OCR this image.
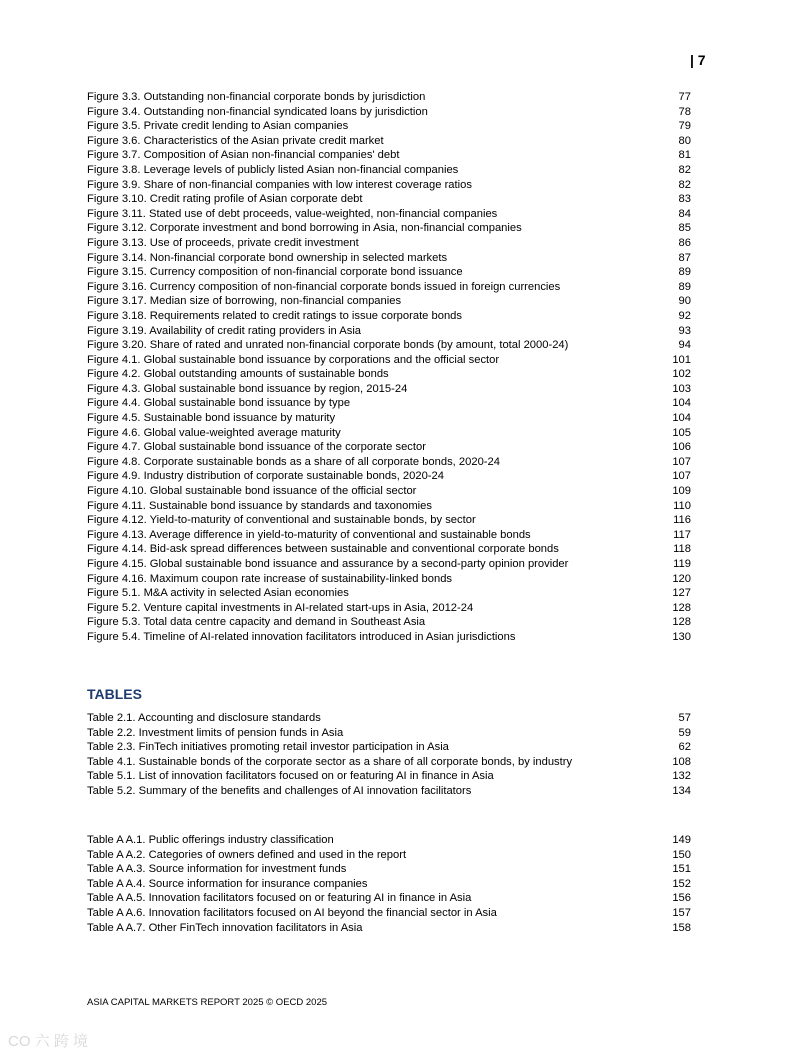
| 7
Figure 3.3. Outstanding non-financial corporate bonds by jurisdiction	77
Figure 3.4. Outstanding non-financial syndicated loans by jurisdiction	78
Figure 3.5. Private credit lending to Asian companies	79
Figure 3.6. Characteristics of the Asian private credit market	80
Figure 3.7. Composition of Asian non-financial companies' debt	81
Figure 3.8. Leverage levels of publicly listed Asian non-financial companies	82
Figure 3.9. Share of non-financial companies with low interest coverage ratios	82
Figure 3.10. Credit rating profile of Asian corporate debt	83
Figure 3.11. Stated use of debt proceeds, value-weighted, non-financial companies	84
Figure 3.12. Corporate investment and bond borrowing in Asia, non-financial companies	85
Figure 3.13. Use of proceeds, private credit investment	86
Figure 3.14. Non-financial corporate bond ownership in selected markets	87
Figure 3.15. Currency composition of non-financial corporate bond issuance	89
Figure 3.16. Currency composition of non-financial corporate bonds issued in foreign currencies	89
Figure 3.17. Median size of borrowing, non-financial companies	90
Figure 3.18. Requirements related to credit ratings to issue corporate bonds	92
Figure 3.19. Availability of credit rating providers in Asia	93
Figure 3.20. Share of rated and unrated non-financial corporate bonds (by amount, total 2000-24)	94
Figure 4.1. Global sustainable bond issuance by corporations and the official sector	101
Figure 4.2. Global outstanding amounts of sustainable bonds	102
Figure 4.3. Global sustainable bond issuance by region, 2015-24	103
Figure 4.4. Global sustainable bond issuance by type	104
Figure 4.5. Sustainable bond issuance by maturity	104
Figure 4.6. Global value-weighted average maturity	105
Figure 4.7. Global sustainable bond issuance of the corporate sector	106
Figure 4.8. Corporate sustainable bonds as a share of all corporate bonds, 2020-24	107
Figure 4.9. Industry distribution of corporate sustainable bonds, 2020-24	107
Figure 4.10. Global sustainable bond issuance of the official sector	109
Figure 4.11. Sustainable bond issuance by standards and taxonomies	110
Figure 4.12. Yield-to-maturity of conventional and sustainable bonds, by sector	116
Figure 4.13. Average difference in yield-to-maturity of conventional and sustainable bonds	117
Figure 4.14. Bid-ask spread differences between sustainable and conventional corporate bonds	118
Figure 4.15. Global sustainable bond issuance and assurance by a second-party opinion provider	119
Figure 4.16. Maximum coupon rate increase of sustainability-linked bonds	120
Figure 5.1. M&A activity in selected Asian economies	127
Figure 5.2. Venture capital investments in AI-related start-ups in Asia, 2012-24	128
Figure 5.3. Total data centre capacity and demand in Southeast Asia	128
Figure 5.4. Timeline of AI-related innovation facilitators introduced in Asian jurisdictions	130
TABLES
Table 2.1. Accounting and disclosure standards	57
Table 2.2. Investment limits of pension funds in Asia	59
Table 2.3. FinTech initiatives promoting retail investor participation in Asia	62
Table 4.1. Sustainable bonds of the corporate sector as a share of all corporate bonds, by industry	108
Table 5.1. List of innovation facilitators focused on or featuring AI in finance in Asia	132
Table 5.2. Summary of the benefits and challenges of AI innovation facilitators	134
Table A A.1. Public offerings industry classification	149
Table A A.2. Categories of owners defined and used in the report	150
Table A A.3. Source information for investment funds	151
Table A A.4. Source information for insurance companies	152
Table A A.5. Innovation facilitators focused on or featuring AI in finance in Asia	156
Table A A.6. Innovation facilitators focused on AI beyond the financial sector in Asia	157
Table A A.7. Other FinTech innovation facilitators in Asia	158
ASIA CAPITAL MARKETS REPORT 2025 © OECD 2025
CO 六 跨 境
